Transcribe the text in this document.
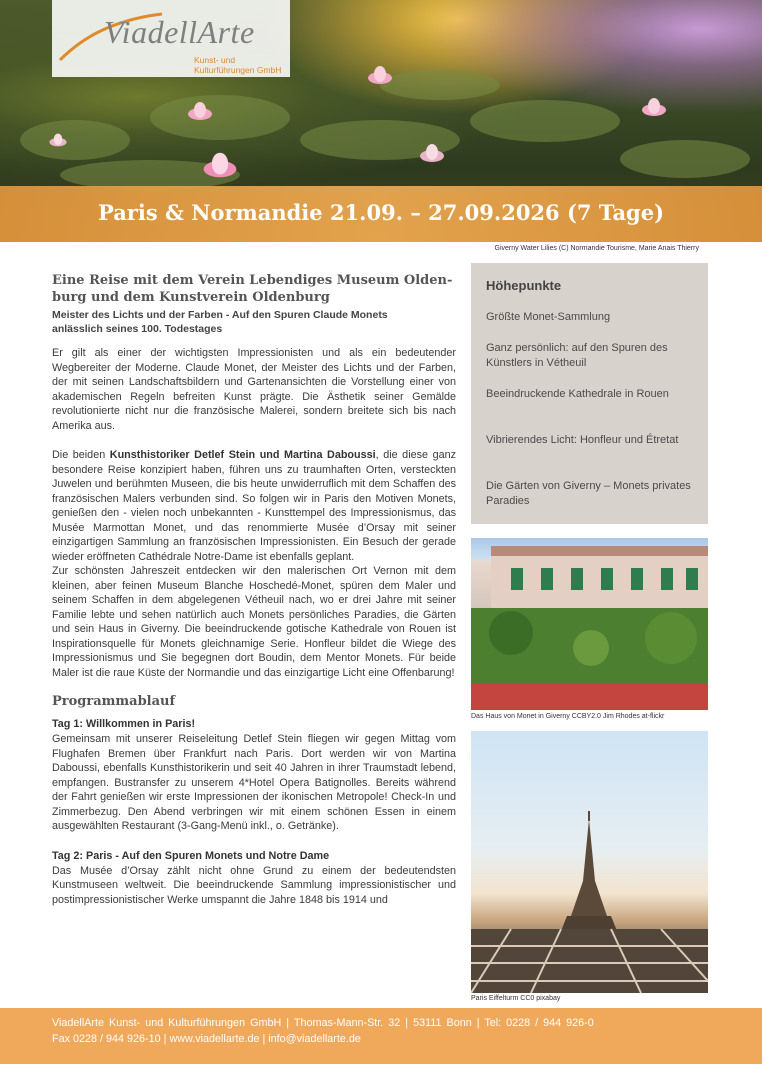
ViadellArte
Kunst- und Kulturführungen GmbH
Paris & Normandie 21.09. – 27.09.2026 (7 Tage)
Giverny Water Lilies (C) Normandie Tourisme, Marie Anais Thierry

Eine Reise mit dem Verein Lebendiges Museum Olden-
burg und dem Kunstverein Oldenburg

Meister des Lichts und der Farben - Auf den Spuren Claude Monets
anlässlich seines 100. Todestages

Er gilt als einer der wichtigsten Impressionisten und als ein bedeutender Wegbereiter der Moderne. Claude Monet, der Meister des Lichts und der Farben, der mit seinen Landschaftsbildern und Gartenansichten die Vorstellung einer von akademischen Regeln befreiten Kunst prägte. Die Ästhetik seiner Gemälde revolutionierte nicht nur die französische Malerei, sondern breitete sich bis nach Amerika aus.

Die beiden Kunsthistoriker Detlef Stein und Martina Daboussi, die diese ganz besondere Reise konzipiert haben, führen uns zu traumhaften Orten, versteckten Juwelen und berühmten Museen, die bis heute unwiderruflich mit dem Schaffen des französischen Malers verbunden sind. So folgen wir in Paris den Motiven Monets, genießen den - vielen noch unbekannten - Kunsttempel des Impressionismus, das Musée Marmottan Monet, und das renommierte Musée d’Orsay mit seiner einzigartigen Sammlung an französischen Impressionisten. Ein Besuch der gerade wieder eröffneten Cathédrale Notre-Dame ist ebenfalls geplant.

Zur schönsten Jahreszeit entdecken wir den malerischen Ort Vernon mit dem kleinen, aber feinen Museum Blanche Hoschedé-Monet, spüren dem Maler und seinem Schaffen in dem abgelegenen Vétheuil nach, wo er drei Jahre mit seiner Familie lebte und sehen natürlich auch Monets persönliches Paradies, die Gärten und sein Haus in Giverny. Die beeindruckende gotische Kathedrale von Rouen ist Inspirationsquelle für Monets gleichnamige Serie. Honfleur bildet die Wiege des Impressionismus und Sie begegnen dort Boudin, dem Mentor Monets. Für beide Maler ist die raue Küste der Normandie und das einzigartige Licht eine Offenbarung!

Programmablauf

Tag 1: Willkommen in Paris!

Gemeinsam mit unserer Reiseleitung Detlef Stein fliegen wir gegen Mittag vom Flughafen Bremen über Frankfurt nach Paris. Dort werden wir von Martina Daboussi, ebenfalls Kunsthistorikerin und seit 40 Jahren in ihrer Traumstadt lebend, empfangen. Bustransfer zu unserem 4*Hotel Opera Batignolles. Bereits während der Fahrt genießen wir erste Impressionen der ikonischen Metropole! Check-In und Zimmerbezug. Den Abend verbringen wir mit einem schönen Essen in einem ausgewählten Restaurant (3-Gang-Menü inkl., o. Getränke).

Tag 2: Paris - Auf den Spuren Monets und Notre Dame

Das Musée d’Orsay zählt nicht ohne Grund zu einem der bedeutendsten Kunstmuseen weltweit. Die beeindruckende Sammlung impressionistischer und postimpressionistischer Werke umspannt die Jahre 1848 bis 1914 und

Höhepunkte
Größte Monet-Sammlung
Ganz persönlich: auf den Spuren des Künstlers in Vétheuil
Beeindruckende Kathedrale in Rouen
Vibrierendes Licht: Honfleur und Étretat
Die Gärten von Giverny – Monets privates Paradies
Das Haus von Monet in Giverny CCBY2.0 Jim Rhodes at-flickr
Paris Eiffelturm CC0 pixabay
ViadellArte Kunst- und Kulturführungen GmbH | Thomas-Mann-Str. 32 | 53111 Bonn | Tel: 0228 / 944 926-0
Fax 0228 / 944 926-10 | www.viadellarte.de | info@viadellarte.de
